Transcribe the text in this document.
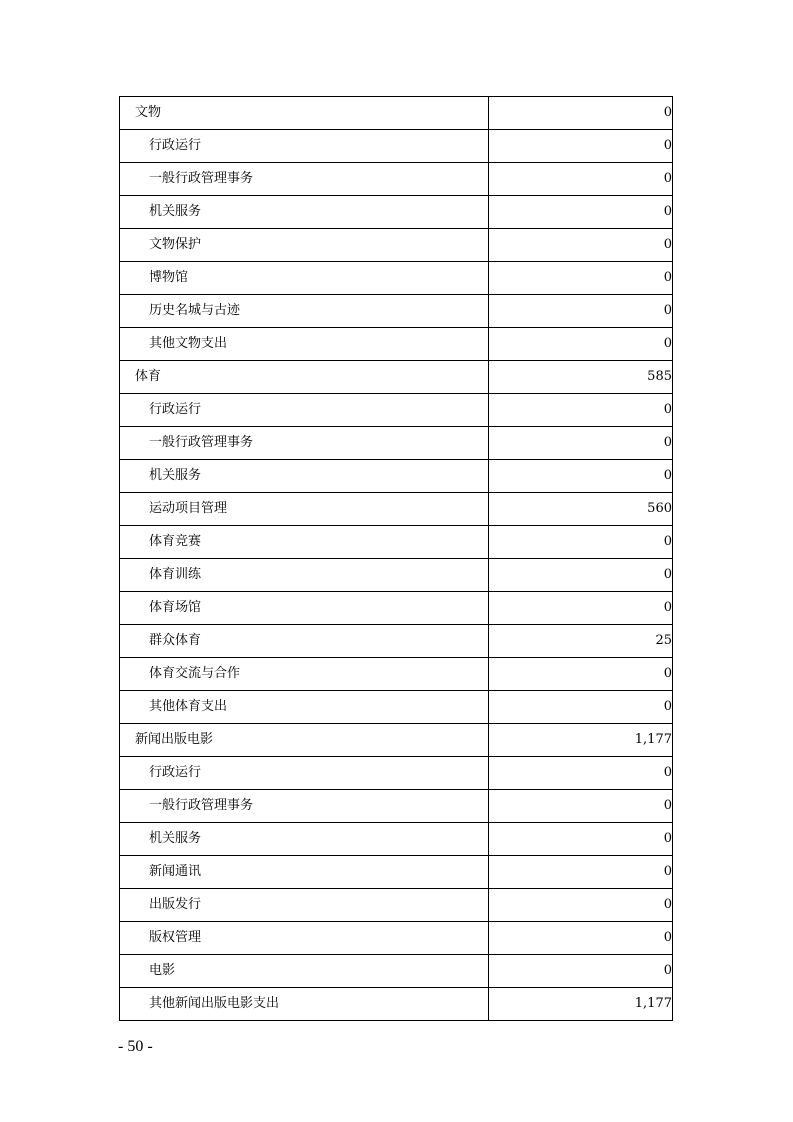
文物	0
行政运行	0
一般行政管理事务	0
机关服务	0
文物保护	0
博物馆	0
历史名城与古迹	0
其他文物支出	0
体育	585
行政运行	0
一般行政管理事务	0
机关服务	0
运动项目管理	560
体育竞赛	0
体育训练	0
体育场馆	0
群众体育	25
体育交流与合作	0
其他体育支出	0
新闻出版电影	1,177
行政运行	0
一般行政管理事务	0
机关服务	0
新闻通讯	0
出版发行	0
版权管理	0
电影	0
其他新闻出版电影支出	1,177
- 50 -
